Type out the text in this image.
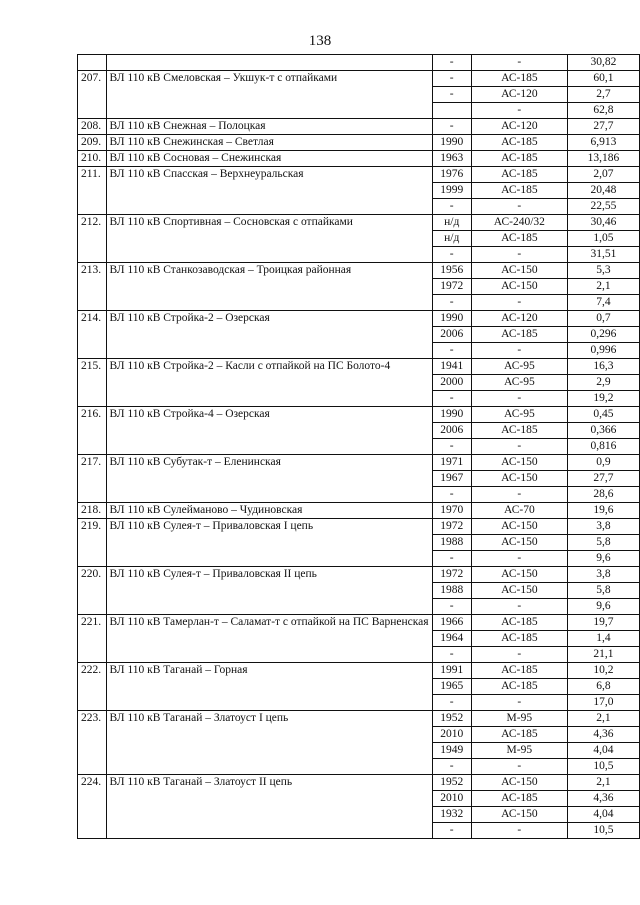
138
		-	-	30,82
207.	ВЛ 110 кВ Смеловская – Укшук-т с отпайками	-	АС-185	60,1
		-	АС-120	2,7
			-	62,8
208.	ВЛ 110 кВ Снежная – Полоцкая	-	АС-120	27,7
209.	ВЛ 110 кВ Снежинская – Светлая	1990	АС-185	6,913
210.	ВЛ 110 кВ Сосновая – Снежинская	1963	АС-185	13,186
211.	ВЛ 110 кВ Спасская – Верхнеуральская	1976	АС-185	2,07
		1999	АС-185	20,48
		-	-	22,55
212.	ВЛ 110 кВ Спортивная – Сосновская с отпайками	н/д	АС-240/32	30,46
		н/д	АС-185	1,05
		-	-	31,51
213.	ВЛ 110 кВ Станкозаводская – Троицкая районная	1956	АС-150	5,3
		1972	АС-150	2,1
		-	-	7,4
214.	ВЛ 110 кВ Стройка-2 – Озерская	1990	АС-120	0,7
		2006	АС-185	0,296
		-	-	0,996
215.	ВЛ 110 кВ Стройка-2 – Касли с отпайкой на ПС Болото-4	1941	АС-95	16,3
		2000	АС-95	2,9
		-	-	19,2
216.	ВЛ 110 кВ Стройка-4 – Озерская	1990	АС-95	0,45
		2006	АС-185	0,366
		-	-	0,816
217.	ВЛ 110 кВ Субутак-т – Еленинская	1971	АС-150	0,9
		1967	АС-150	27,7
		-	-	28,6
218.	ВЛ 110 кВ Сулейманово – Чудиновская	1970	АС-70	19,6
219.	ВЛ 110 кВ Сулея-т – Приваловская I цепь	1972	АС-150	3,8
		1988	АС-150	5,8
		-	-	9,6
220.	ВЛ 110 кВ Сулея-т – Приваловская II цепь	1972	АС-150	3,8
		1988	АС-150	5,8
		-	-	9,6
221.	ВЛ 110 кВ Тамерлан-т – Саламат-т с отпайкой на ПС Варненская	1966	АС-185	19,7
		1964	АС-185	1,4
		-	-	21,1
222.	ВЛ 110 кВ Таганай – Горная	1991	АС-185	10,2
		1965	АС-185	6,8
		-	-	17,0
223.	ВЛ 110 кВ Таганай – Златоуст I цепь	1952	М-95	2,1
		2010	АС-185	4,36
		1949	М-95	4,04
		-	-	10,5
224.	ВЛ 110 кВ Таганай – Златоуст II цепь	1952	АС-150	2,1
		2010	АС-185	4,36
		1932	АС-150	4,04
		-	-	10,5
